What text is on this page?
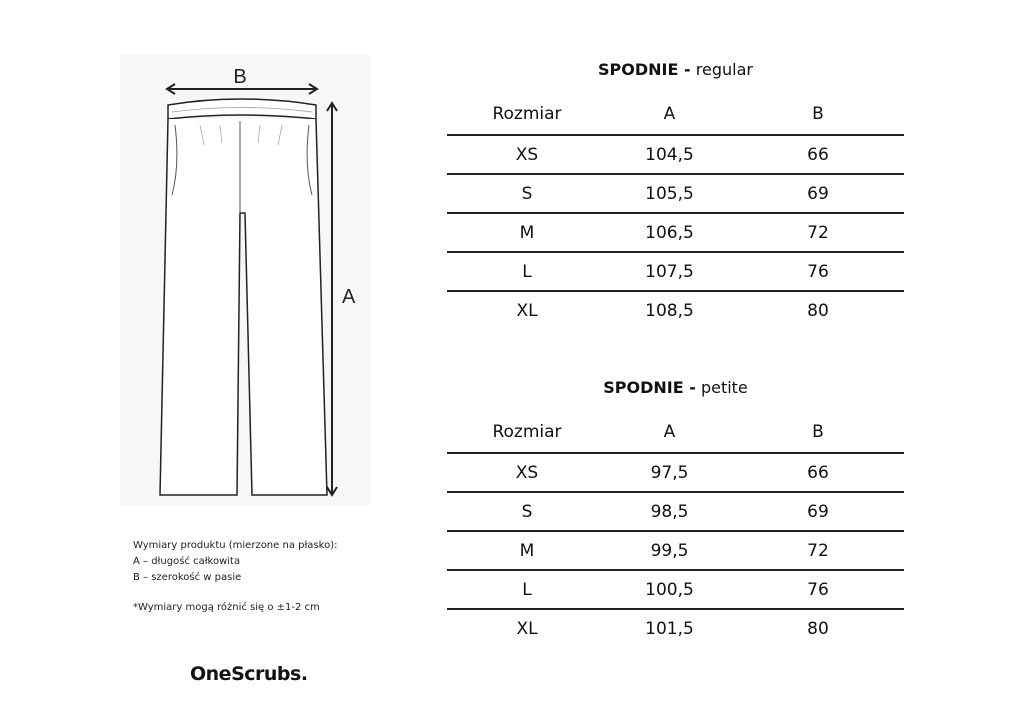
B
A
Wymiary produktu (mierzone na płasko):
A – długość całkowita
B – szerokość w pasie
*Wymiary mogą różnić się o ±1-2 cm
OneScrubs.
SPODNIE - regular
Rozmiar	A	B
XS	104,5	66
S	105,5	69
M	106,5	72
L	107,5	76
XL	108,5	80
SPODNIE - petite
Rozmiar	A	B
XS	97,5	66
S	98,5	69
M	99,5	72
L	100,5	76
XL	101,5	80
